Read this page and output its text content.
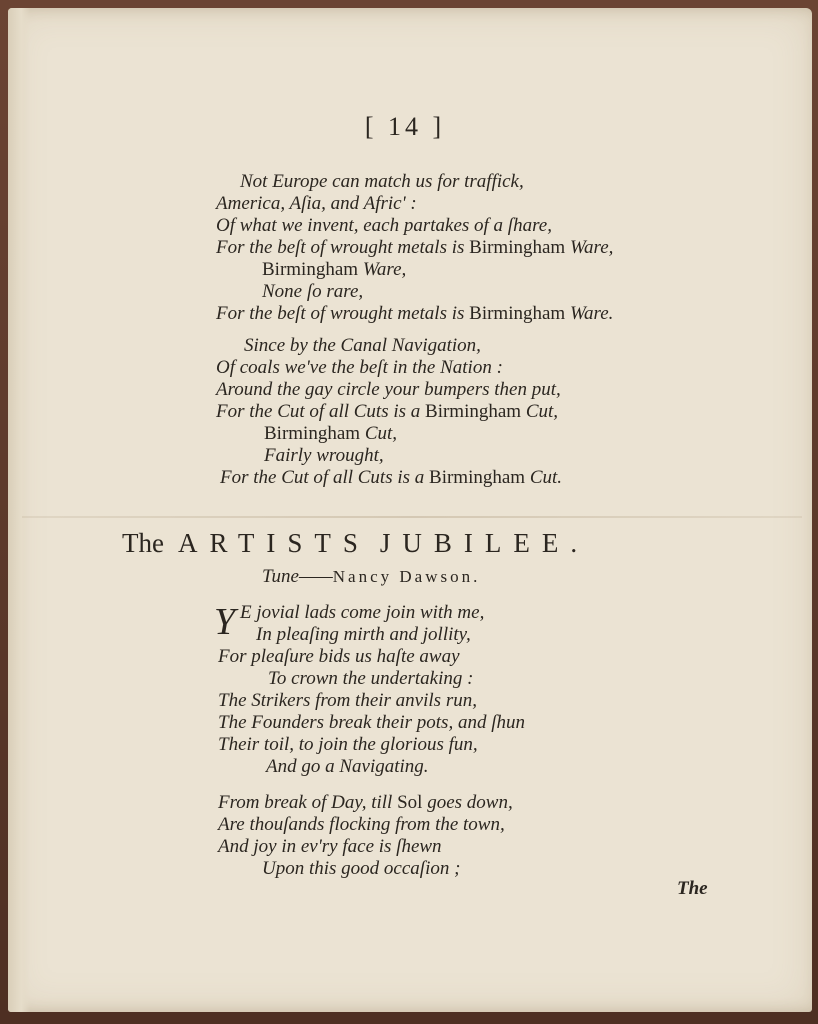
[ 14 ]
Not Europe can match us for traffick,
America, Aſia, and Afric' :
Of what we invent, each partakes of a ſhare,
For the beſt of wrought metals is Birmingham Ware,
Birmingham Ware,
None ſo rare,
For the beſt of wrought metals is Birmingham Ware.
Since by the Canal Navigation,
Of coals we've the beſt in the Nation :
Around the gay circle your bumpers then put,
For the Cut of all Cuts is a Birmingham Cut,
Birmingham Cut,
Fairly wrought,
For the Cut of all Cuts is a Birmingham Cut.
The ARTISTS JUBILEE.
Tune——Nancy Dawson.
Y E jovial lads come join with me,
In pleaſing mirth and jollity,
For pleaſure bids us haſte away
To crown the undertaking :
The Strikers from their anvils run,
The Founders break their pots, and ſhun
Their toil, to join the glorious fun,
And go a Navigating.
From break of Day, till Sol goes down,
Are thouſands flocking from the town,
And joy in ev'ry face is ſhewn
Upon this good occaſion ;
The
